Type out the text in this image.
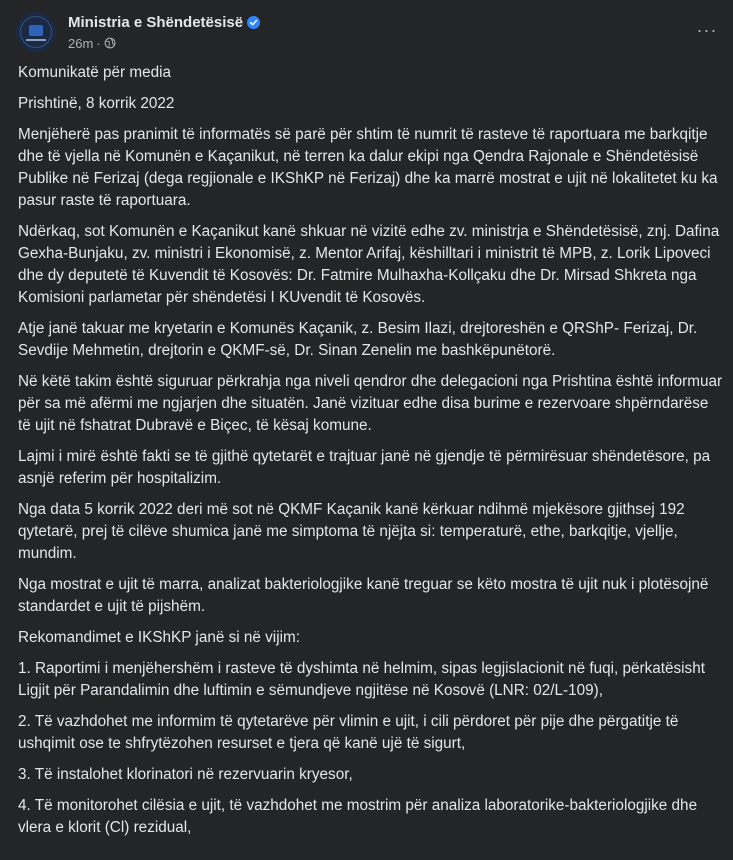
Ministria e Shëndetësisë
26m ·
···

Komunikatë për media

Prishtinë, 8 korrik 2022

Menjëherë pas pranimit të informatës së parë për shtim të numrit të rasteve të raportuara me barkqitje dhe të vjella në Komunën e Kaçanikut, në terren ka dalur ekipi nga Qendra Rajonale e Shëndetësisë Publike në Ferizaj (dega regjionale e IKShKP në Ferizaj) dhe ka marrë mostrat e ujit në lokalitetet ku ka pasur raste të raportuara.

Ndërkaq, sot Komunën e Kaçanikut kanë shkuar në vizitë edhe zv. ministrja e Shëndetësisë, znj. Dafina Gexha-Bunjaku, zv. ministri i Ekonomisë, z. Mentor Arifaj, këshilltari i ministrit të MPB, z. Lorik Lipoveci dhe dy deputetë të Kuvendit të Kosovës: Dr. Fatmire Mulhaxha-Kollçaku dhe Dr. Mirsad Shkreta nga Komisioni parlametar për shëndetësi I KUvendit të Kosovës.

Atje janë takuar me kryetarin e Komunës Kaçanik, z. Besim Ilazi, drejtoreshën e QRShP- Ferizaj, Dr. Sevdije Mehmetin, drejtorin e QKMF-së, Dr. Sinan Zenelin me bashkëpunëtorë.

Në këtë takim është siguruar përkrahja nga niveli qendror dhe delegacioni nga Prishtina është informuar për sa më afërmi me ngjarjen dhe situatën. Janë vizituar edhe disa burime e rezervoare shpërndarëse të ujit në fshatrat Dubravë e Biçec, të kësaj komune.

Lajmi i mirë është fakti se të gjithë qytetarët e trajtuar janë në gjendje të përmirësuar shëndetësore, pa asnjë referim për hospitalizim.

Nga data 5 korrik 2022 deri më sot në QKMF Kaçanik kanë kërkuar ndihmë mjekësore gjithsej 192 qytetarë, prej të cilëve shumica janë me simptoma të njëjta si: temperaturë, ethe, barkqitje, vjellje, mundim.

Nga mostrat e ujit të marra, analizat bakteriologjike kanë treguar se këto mostra të ujit nuk i plotësojnë standardet e ujit të pijshëm.

Rekomandimet e IKShKP janë si në vijim:

1. Raportimi i menjëhershëm i rasteve të dyshimta në helmim, sipas legjislacionit në fuqi, përkatësisht Ligjit për Parandalimin dhe luftimin e sëmundjeve ngjitëse në Kosovë (LNR: 02/L-109),

2. Të vazhdohet me informim të qytetarëve për vlimin e ujit, i cili përdoret për pije dhe përgatitje të ushqimit ose te shfrytëzohen resurset e tjera që kanë ujë të sigurt,

3. Të instalohet klorinatori në rezervuarin kryesor,

4. Të monitorohet cilësia e ujit, të vazhdohet me mostrim për analiza laboratorike-bakteriologjike dhe vlera e klorit (Cl) rezidual,
